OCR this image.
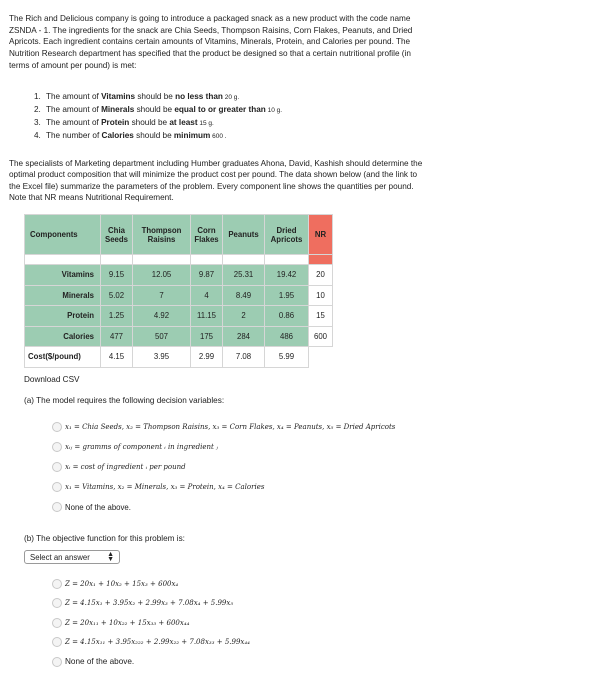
The Rich and Delicious company is going to introduce a packaged snack as a new product with the code name

ZSNDA - 1. The ingredients for the snack are Chia Seeds, Thompson Raisins, Corn Flakes, Peanuts, and Dried

Apricots. Each ingredient contains certain amounts of Vitamins, Minerals, Protein, and Calories per pound. The

Nutrition Research department has specified that the product be designed so that a certain nutritional profile (in

terms of amount per pound) is met:

1. The amount of Vitamins should be no less than 20 g.
2. The amount of Minerals should be equal to or greater than 10 g.
3. The amount of Protein should be at least 15 g.
4. The number of Calories should be minimum 600 .
The specialists of Marketing department including Humber graduates Ahona, David, Kashish should determine the
optimal product composition that will minimize the product cost per pound. The data shown below (and the link to
the Excel file) summarize the parameters of the problem. Every component line shows the quantities per pound.
Note that NR means Nutritional Requirement.
Components	Chia Seeds	Thompson Raisins	Corn Flakes	Peanuts	Dried Apricots	NR

Vitamins	9.15	12.05	9.87	25.31	19.42	20
Minerals	5.02	7	4	8.49	1.95	10
Protein	1.25	4.92	11.15	2	0.86	15
Calories	477	507	175	284	486	600
Cost($/pound)	4.15	3.95	2.99	7.08	5.99	
Download CSV
(a) The model requires the following decision variables:
x₁ = Chia Seeds, x₂ = Thompson Raisins, x₃ = Corn Flakes, x₄ = Peanuts, x₅ = Dried Apricots
xᵢⱼ = gramms of component ᵢ in ingredient ⱼ
xᵢ = cost of ingredient ᵢ per pound
x₁ = Vitamins, x₂ = Minerals, x₃ = Protein, x₄ = Calories
None of the above.
(b) The objective function for this problem is:
Select an answer ▲
▼
Z = 20x₁ + 10x₂ + 15x₃ + 600x₄
Z = 4.15x₁ + 3.95x₂ + 2.99x₃ + 7.08x₄ + 5.99x₅
Z = 20x₁₁ + 10x₂₂ + 15x₃₃ + 600x₄₄
Z = 4.15x₁₁ + 3.95x₂₂₂ + 2.99x₂₂ + 7.08x₃₃ + 5.99x₄₄
None of the above.
